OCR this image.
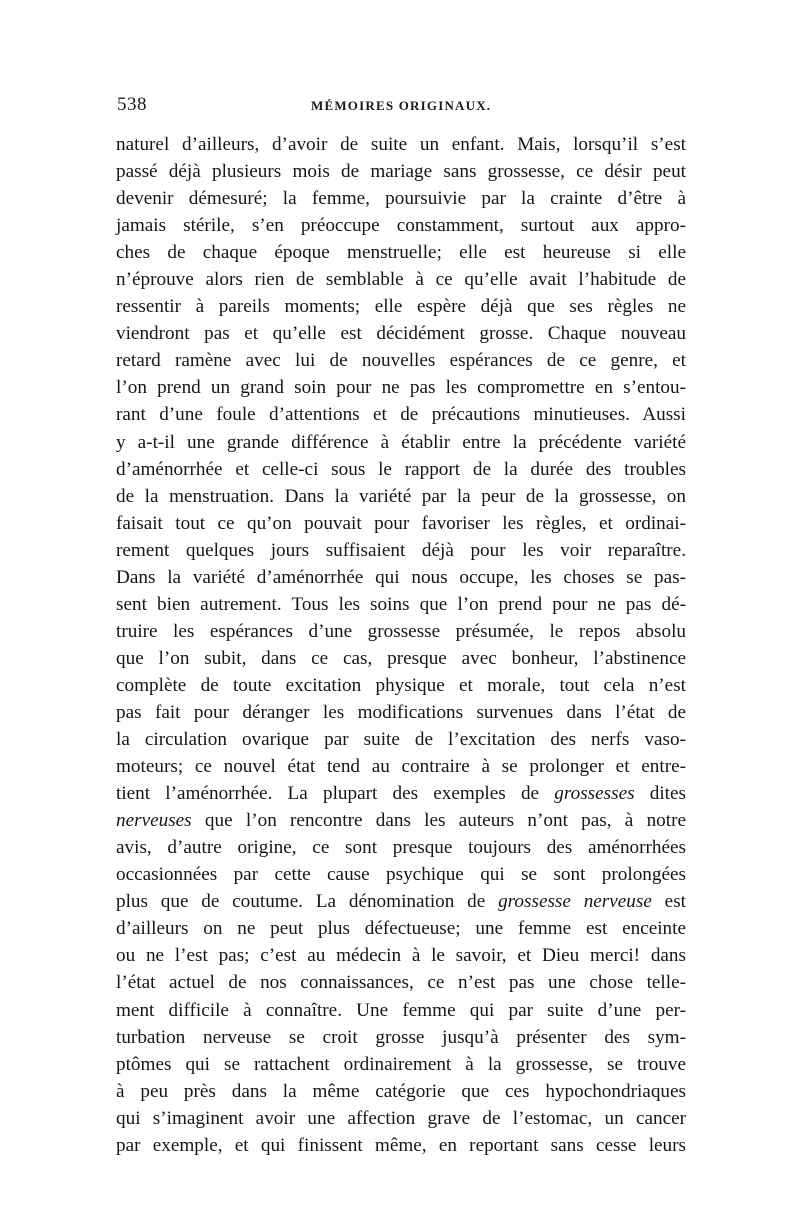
538	MÉMOIRES ORIGINAUX.
naturel d’ailleurs, d’avoir de suite un enfant. Mais, lorsqu’il s’est
passé déjà plusieurs mois de mariage sans grossesse, ce désir peut
devenir démesuré; la femme, poursuivie par la crainte d’être à
jamais stérile, s’en préoccupe constamment, surtout aux appro-
ches de chaque époque menstruelle; elle est heureuse si elle
n’éprouve alors rien de semblable à ce qu’elle avait l’habitude de
ressentir à pareils moments; elle espère déjà que ses règles ne
viendront pas et qu’elle est décidément grosse. Chaque nouveau
retard ramène avec lui de nouvelles espérances de ce genre, et
l’on prend un grand soin pour ne pas les compromettre en s’entou-
rant d’une foule d’attentions et de précautions minutieuses. Aussi
y a-t-il une grande différence à établir entre la précédente variété
d’aménorrhée et celle-ci sous le rapport de la durée des troubles
de la menstruation. Dans la variété par la peur de la grossesse, on
faisait tout ce qu’on pouvait pour favoriser les règles, et ordinai-
rement quelques jours suffisaient déjà pour les voir reparaître.
Dans la variété d’aménorrhée qui nous occupe, les choses se pas-
sent bien autrement. Tous les soins que l’on prend pour ne pas dé-
truire les espérances d’une grossesse présumée, le repos absolu
que l’on subit, dans ce cas, presque avec bonheur, l’abstinence
complète de toute excitation physique et morale, tout cela n’est
pas fait pour déranger les modifications survenues dans l’état de
la circulation ovarique par suite de l’excitation des nerfs vaso-
moteurs; ce nouvel état tend au contraire à se prolonger et entre-
tient l’aménorrhée. La plupart des exemples de grossesses dites
nerveuses que l’on rencontre dans les auteurs n’ont pas, à notre
avis, d’autre origine, ce sont presque toujours des aménorrhées
occasionnées par cette cause psychique qui se sont prolongées
plus que de coutume. La dénomination de grossesse nerveuse est
d’ailleurs on ne peut plus défectueuse; une femme est enceinte
ou ne l’est pas; c’est au médecin à le savoir, et Dieu merci! dans
l’état actuel de nos connaissances, ce n’est pas une chose telle-
ment difficile à connaître. Une femme qui par suite d’une per-
turbation nerveuse se croit grosse jusqu’à présenter des sym-
ptômes qui se rattachent ordinairement à la grossesse, se trouve
à peu près dans la même catégorie que ces hypochondriaques
qui s’imaginent avoir une affection grave de l’estomac, un cancer
par exemple, et qui finissent même, en reportant sans cesse leurs
